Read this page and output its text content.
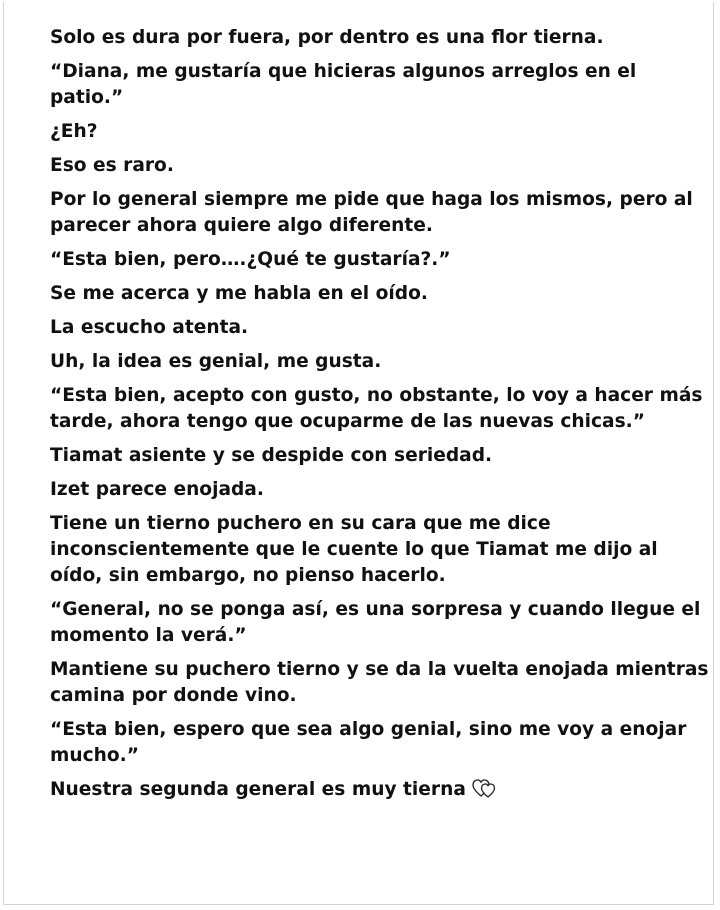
Solo es dura por fuera, por dentro es una flor tierna.

“Diana, me gustaría que hicieras algunos arreglos en el
patio.”

¿Eh?

Eso es raro.

Por lo general siempre me pide que haga los mismos, pero al
parecer ahora quiere algo diferente.

“Esta bien, pero….¿Qué te gustaría?.”

Se me acerca y me habla en el oído.

La escucho atenta.

Uh, la idea es genial, me gusta.

“Esta bien, acepto con gusto, no obstante, lo voy a hacer más
tarde, ahora tengo que ocuparme de las nuevas chicas.”

Tiamat asiente y se despide con seriedad.

Izet parece enojada.

Tiene un tierno puchero en su cara que me dice
inconscientemente que le cuente lo que Tiamat me dijo al
oído, sin embargo, no pienso hacerlo.

“General, no se ponga así, es una sorpresa y cuando llegue el
momento la verá.”

Mantiene su puchero tierno y se da la vuelta enojada mientras
camina por donde vino.

“Esta bien, espero que sea algo genial, sino me voy a enojar
mucho.”

Nuestra segunda general es muy tierna
